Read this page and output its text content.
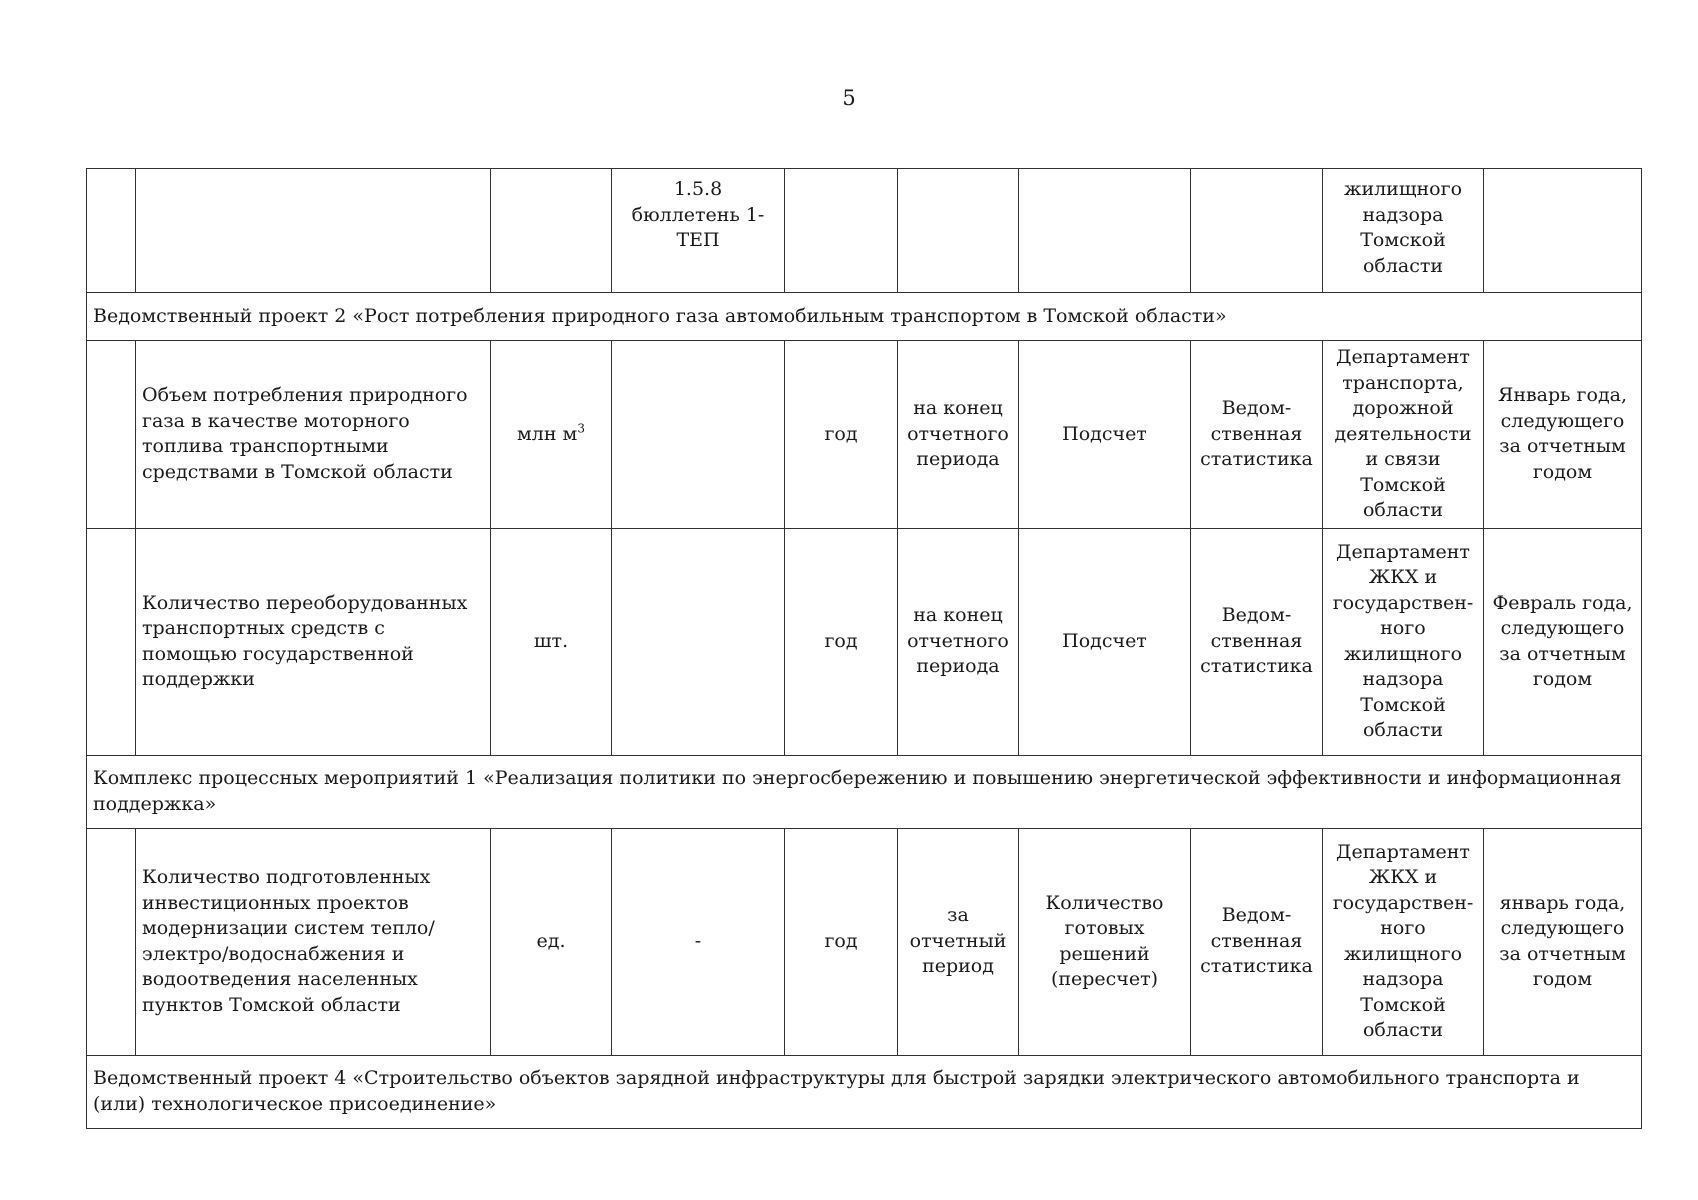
5
			1.5.8 бюллетень 1-ТЕП					жилищного надзора Томской области	
Ведомственный проект 2 «Рост потребления природного газа автомобильным транспортом в Томской области»									
	Объем потребления природного газа в качестве моторного топлива транспортными средствами в Томской области	млн $м^3$		год	на конец отчетного периода	Подсчет	Ведом-ственная статистика	Департамент транспорта, дорожной деятельности и связи Томской области	Январь года, следующего за отчетным годом
	Количество переоборудованных транспортных средств с помощью государственной поддержки	шт.		год	на конец отчетного периода	Подсчет	Ведом-ственная статистика	Департамент ЖКХ и государствен-ного жилищного надзора Томской области	Февраль года, следующего за отчетным годом
Комплекс процессных мероприятий 1 «Реализация политики по энергосбережению и повышению энергетической эффективности и информационная поддержка»									
	Количество подготовленных инвестиционных проектов модернизации систем тепло/электро/водоснабжения и водоотведения населенных пунктов Томской области	ед.	-	год	за отчетный период	Количество готовых решений (пересчет)	Ведом-ственная статистика	Департамент ЖКХ и государствен-ного жилищного надзора Томской области	январь года, следующего за отчетным годом
Ведомственный проект 4 «Строительство объектов зарядной инфраструктуры для быстрой зарядки электрического автомобильного транспорта и (или) технологическое присоединение»									
